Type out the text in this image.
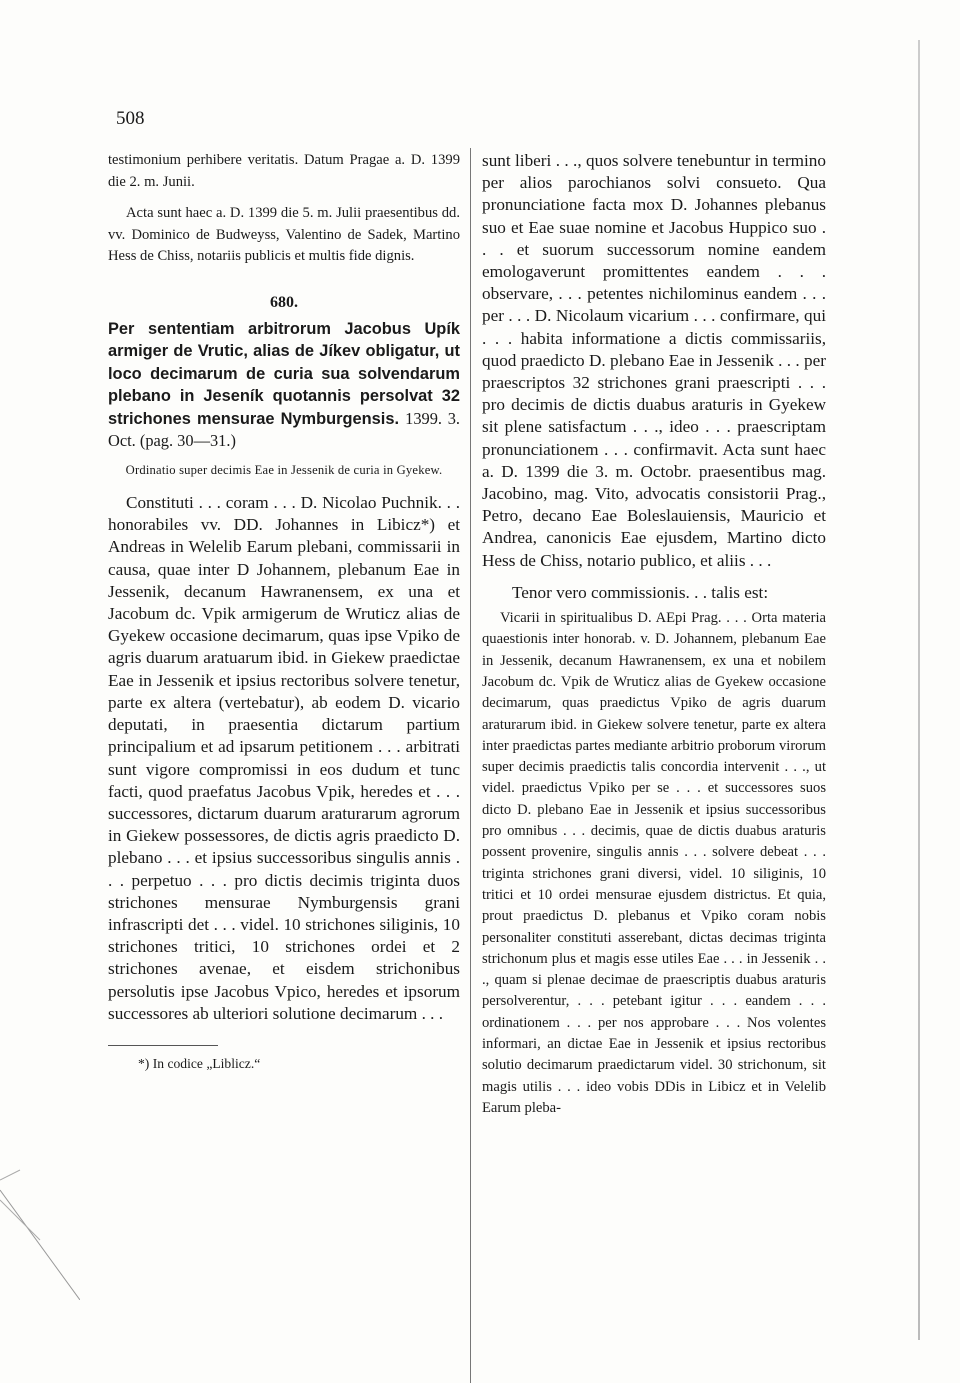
508

testimonium perhibere veritatis. Datum Pragae a. D. 1399 die 2. m. Junii.

Acta sunt haec a. D. 1399 die 5. m. Julii praesentibus dd. vv. Dominico de Budweyss, Valentino de Sadek, Martino Hess de Chiss, notariis publicis et multis fide dignis.

680.

Per sententiam arbitrorum Jacobus Upík armiger de Vrutic, alias de Jíkev obligatur, ut loco decimarum de curia sua solvendarum plebano in Jeseník quotannis persolvat 32 strichones mensurae Nymburgensis. 1399. 3. Oct. (pag. 30—31.)

Ordinatio super decimis Eae in Jessenik de curia in Gyekew.

Constituti . . . coram . . . D. Nicolao Puchnik. . . honorabiles vv. DD. Johannes in Libicz*) et Andreas in Welelib Earum plebani, commissarii in causa, quae inter D Johannem, plebanum Eae in Jessenik, decanum Hawranensem, ex una et Jacobum dc. Vpik armigerum de Wruticz alias de Gyekew occasione decimarum, quas ipse Vpiko de agris duarum aratuarum ibid. in Giekew praedictae Eae in Jessenik et ipsius rectoribus solvere tenetur, parte ex altera (vertebatur), ab eodem D. vicario deputati, in praesentia dictarum partium principalium et ad ipsarum petitionem . . . arbitrati sunt vigore compromissi in eos dudum et tunc facti, quod praefatus Jacobus Vpik, heredes et . . . successores, dictarum duarum araturarum agrorum in Giekew possessores, de dictis agris praedicto D. plebano . . . et ipsius successoribus singulis annis . . . perpetuo . . . pro dictis decimis triginta duos strichones mensurae Nymburgensis grani infrascripti det . . . videl. 10 strichones siliginis, 10 strichones tritici, 10 strichones ordei et 2 strichones avenae, et eisdem strichonibus persolutis ipse Jacobus Vpico, heredes et ipsorum successores ab ulteriori solutione decimarum . . .

*) In codice „Liblicz.“

sunt liberi . . ., quos solvere tenebuntur in termino per alios parochianos solvi consueto. Qua pronunciatione facta mox D. Johannes plebanus suo et Eae suae nomine et Jacobus Huppico suo . . . et suorum successorum nomine eandem emologaverunt promittentes eandem . . . observare, . . . petentes nichilominus eandem . . . per . . . D. Nicolaum vicarium . . . confirmare, qui . . . habita informatione a dictis commissariis, quod praedicto D. plebano Eae in Jessenik . . . per praescriptos 32 strichones grani praescripti . . . pro decimis de dictis duabus araturis in Gyekew sit plene satisfactum . . ., ideo . . . praescriptam pronunciationem . . . confirmavit. Acta sunt haec a. D. 1399 die 3. m. Octobr. praesentibus mag. Jacobino, mag. Vito, advocatis consistorii Prag., Petro, decano Eae Boleslauiensis, Mauricio et Andrea, canonicis Eae ejusdem, Martino dicto Hess de Chiss, notario publico, et aliis . . .

Tenor vero commissionis. . . talis est:

Vicarii in spiritualibus D. AEpi Prag. . . . Orta materia quaestionis inter honorab. v. D. Johannem, plebanum Eae in Jessenik, decanum Hawranensem, ex una et nobilem Jacobum dc. Vpik de Wruticz alias de Gyekew occasione decimarum, quas praedictus Vpiko de agris duarum araturarum ibid. in Giekew solvere tenetur, parte ex altera inter praedictas partes mediante arbitrio proborum virorum super decimis praedictis talis concordia intervenit . . ., ut videl. praedictus Vpiko per se . . . et successores suos dicto D. plebano Eae in Jessenik et ipsius successoribus pro omnibus . . . decimis, quae de dictis duabus araturis possent provenire, singulis annis . . . solvere debeat . . . triginta strichones grani diversi, videl. 10 siliginis, 10 tritici et 10 ordei mensurae ejusdem districtus. Et quia, prout praedictus D. plebanus et Vpiko coram nobis personaliter constituti asserebant, dictas decimas triginta strichonum plus et magis esse utiles Eae . . . in Jessenik . . ., quam si plenae decimae de praescriptis duabus araturis persolverentur, . . . petebant igitur . . . eandem . . . ordinationem . . . per nos approbare . . . Nos volentes informari, an dictae Eae in Jessenik et ipsius rectoribus solutio decimarum praedictarum videl. 30 strichonum, sit magis utilis . . . ideo vobis DDis in Libicz et in Velelib Earum pleba-
